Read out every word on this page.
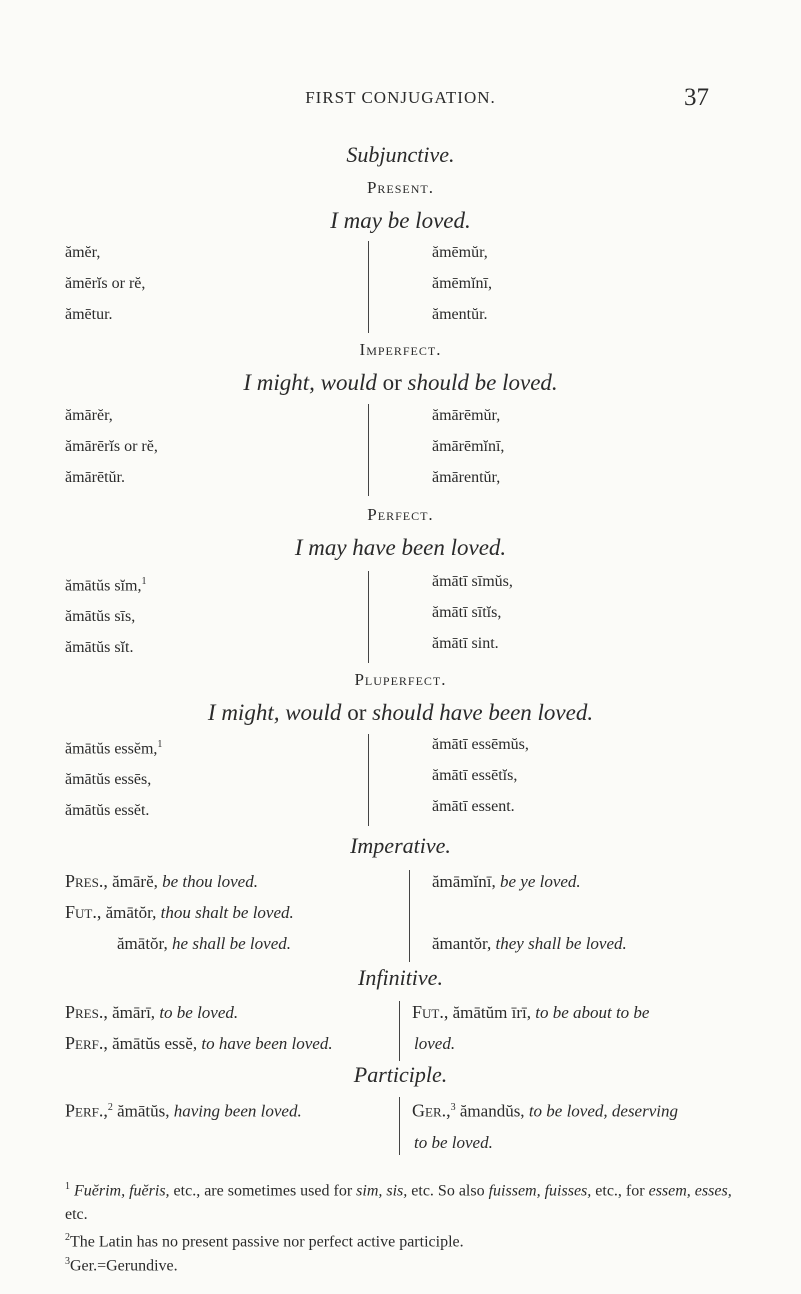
FIRST CONJUGATION.	37
Subjunctive.
Present.
I may be loved.
ămĕr,
ămērĭs or rĕ,
ămētur.
ămēmŭr,
ămēmĭnī,
ămentŭr.
Imperfect.
I might, would or should be loved.
ămārĕr,
ămārērĭs or rĕ,
ămārētŭr.
ămārēmŭr,
ămārēmĭnī,
ămārentŭr,
Perfect.
I may have been loved.
ămātŭs sĭm,$^1$
ămātŭs sīs,
ămātŭs sĭt.
ămātī sīmŭs,
ămātī sītĭs,
ămātī sint.
Pluperfect.
I might, would or should have been loved.
ămātŭs essĕm,$^1$
ămātŭs essēs,
ămātŭs essĕt.
ămātī essēmŭs,
ămātī essētĭs,
ămātī essent.
Imperative.
Pres., ămārĕ, be thou loved.
Fut., ămātŏr, thou shalt be loved.
ămātŏr, he shall be loved.
ămāmĭnī, be ye loved.
ămantŏr, they shall be loved.
Infinitive.
Pres., ămārī, to be loved.
Perf., ămātŭs essĕ, to have been loved.
Fut., ămātŭm īrī, to be about to be
loved.
Participle.
Perf.,$^2$ ămātŭs, having been loved.	Ger.,$^3$ ămandŭs, to be loved, deserving
to be loved.
$^1$ Fuĕrim, fuĕris, etc., are sometimes used for sim, sis, etc. So also fuissem, fuisses, etc., for essem, esses, etc.
$^2$The Latin has no present passive nor perfect active participle.
$^3$Ger.=Gerundive.
